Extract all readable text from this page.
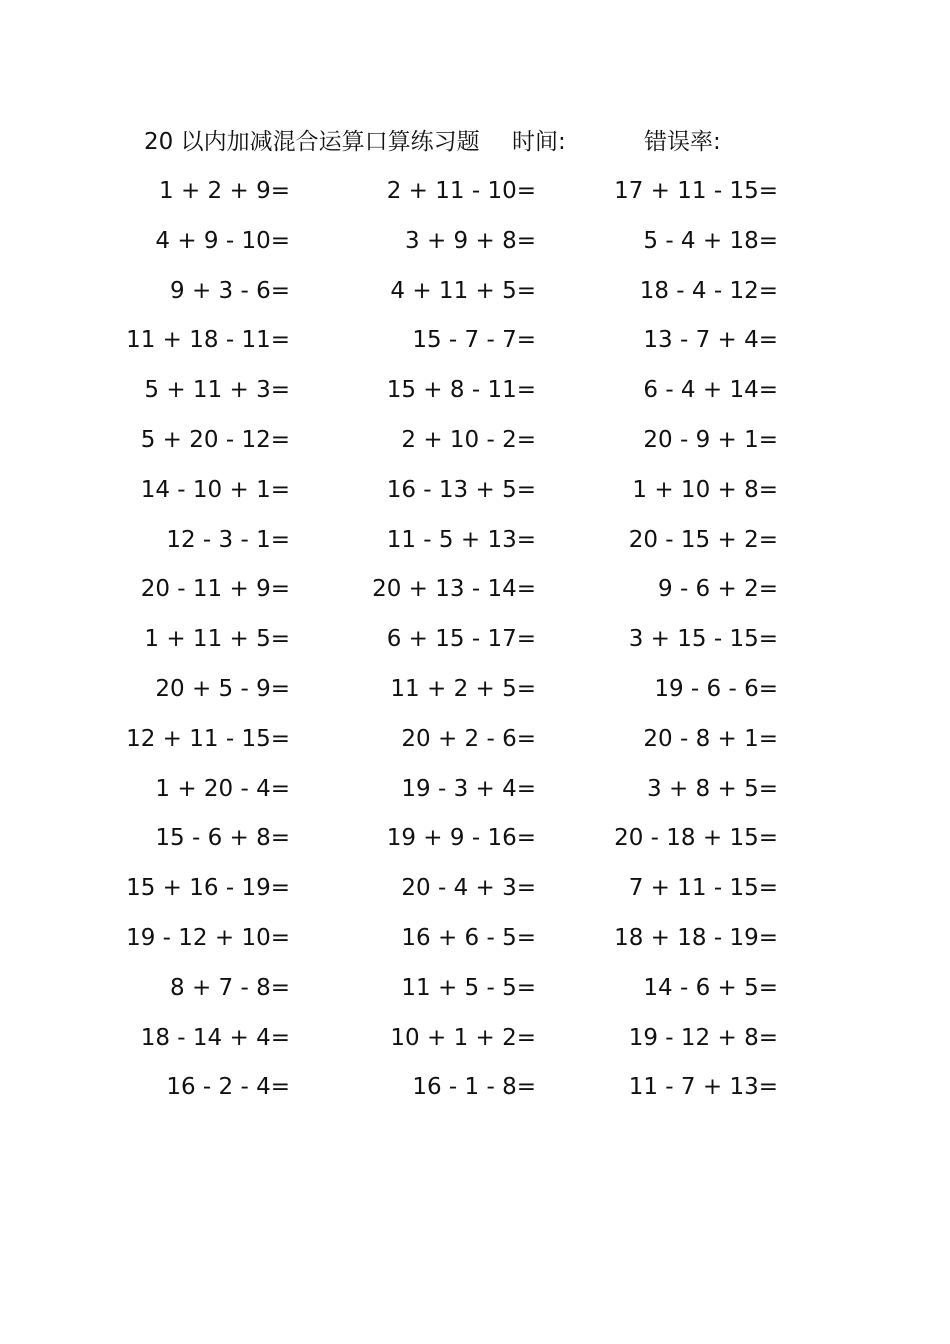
20 以内加减混合运算口算练习题 时间:	错误率:
1 + 2 + 9=	2 + 11 - 10=	17 + 11 - 15=
4 + 9 - 10=	3 + 9 + 8=	5 - 4 + 18=
9 + 3 - 6=	4 + 11 + 5=	18 - 4 - 12=
11 + 18 - 11=	15 - 7 - 7=	13 - 7 + 4=
5 + 11 + 3=	15 + 8 - 11=	6 - 4 + 14=
5 + 20 - 12=	2 + 10 - 2=	20 - 9 + 1=
14 - 10 + 1=	16 - 13 + 5=	1 + 10 + 8=
12 - 3 - 1=	11 - 5 + 13=	20 - 15 + 2=
20 - 11 + 9=	20 + 13 - 14=	9 - 6 + 2=
1 + 11 + 5=	6 + 15 - 17=	3 + 15 - 15=
20 + 5 - 9=	11 + 2 + 5=	19 - 6 - 6=
12 + 11 - 15=	20 + 2 - 6=	20 - 8 + 1=
1 + 20 - 4=	19 - 3 + 4=	3 + 8 + 5=
15 - 6 + 8=	19 + 9 - 16=	20 - 18 + 15=
15 + 16 - 19=	20 - 4 + 3=	7 + 11 - 15=
19 - 12 + 10=	16 + 6 - 5=	18 + 18 - 19=
8 + 7 - 8=	11 + 5 - 5=	14 - 6 + 5=
18 - 14 + 4=	10 + 1 + 2=	19 - 12 + 8=
16 - 2 - 4=	16 - 1 - 8=	11 - 7 + 13=
